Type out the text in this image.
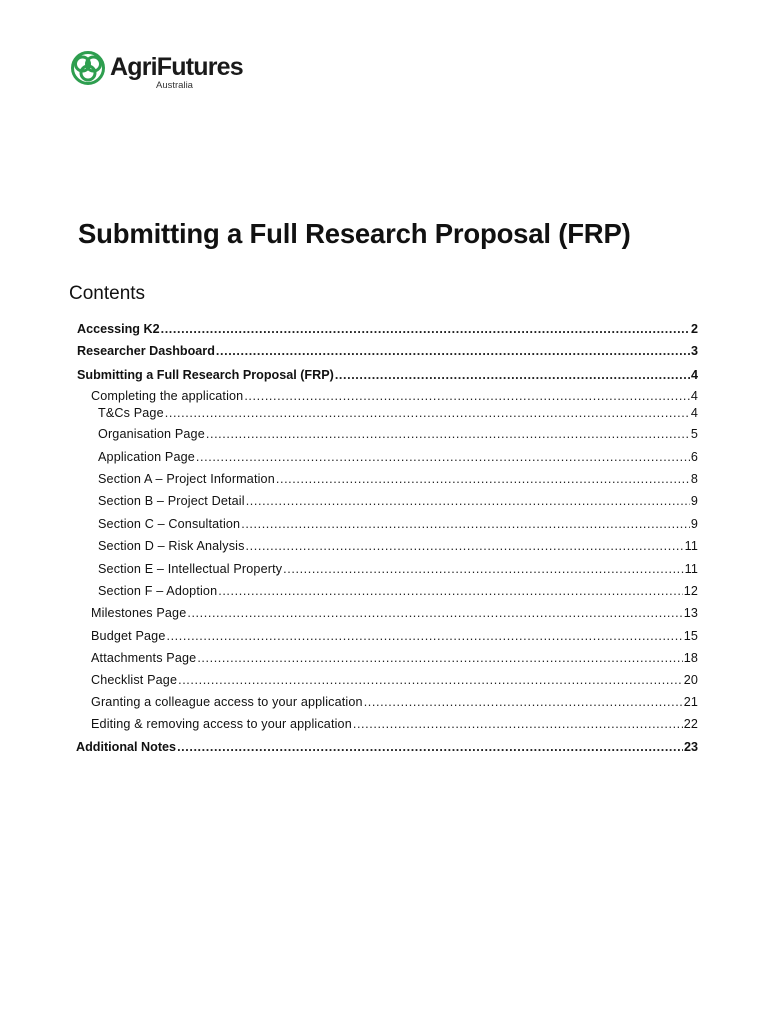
AgriFutures
Australia
Submitting a Full Research Proposal (FRP)
Contents
Accessing K2 .....	2
Researcher Dashboard .....	3
Submitting a Full Research Proposal (FRP) .....	4
Completing the application .....	4
T&Cs Page .....	4
Organisation Page .....	5
Application Page .....	6
Section A – Project Information .....	8
Section B – Project Detail .....	9
Section C – Consultation .....	9
Section D – Risk Analysis .....	11
Section E – Intellectual Property .....	11
Section F – Adoption .....	12
Milestones Page .....	13
Budget Page .....	15
Attachments Page .....	18
Checklist Page .....	20
Granting a colleague access to your application .....	21
Editing & removing access to your application .....	22
Additional Notes .....	23
